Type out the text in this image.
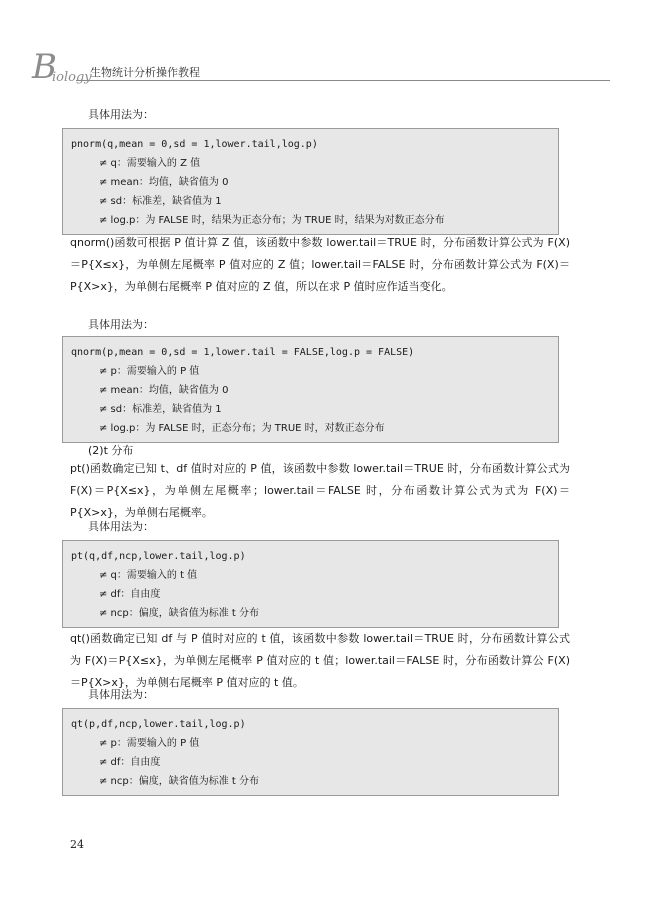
B
iology
生物统计分析操作教程
具体用法为：
pnorm(q,mean = 0,sd = 1,lower.tail,log.p)
≠ q：需要输入的 Z 值
≠ mean：均值，缺省值为 0
≠ sd：标准差，缺省值为 1
≠ log.p：为 FALSE 时，结果为正态分布；为 TRUE 时，结果为对数正态分布
qnorm()函数可根据 P 值计算 Z 值，该函数中参数 lower.tail＝TRUE 时，分布函数计算公式为 F(X)＝P{X≤x}，为单侧左尾概率 P 值对应的 Z 值；lower.tail＝FALSE 时，分布函数计算公式为 F(X)＝P{X>x}，为单侧右尾概率 P 值对应的 Z 值，所以在求 P 值时应作适当变化。
具体用法为：
qnorm(p,mean = 0,sd = 1,lower.tail = FALSE,log.p = FALSE)
≠ p：需要输入的 P 值
≠ mean：均值，缺省值为 0
≠ sd：标准差，缺省值为 1
≠ log.p：为 FALSE 时，正态分布；为 TRUE 时，对数正态分布
(2)t 分布
pt()函数确定已知 t、df 值时对应的 P 值，该函数中参数 lower.tail＝TRUE 时，分布函数计算公式为 F(X)＝P{X≤x}，为单侧左尾概率；lower.tail＝FALSE 时，分布函数计算公式为式为 F(X)＝P{X>x}，为单侧右尾概率。
具体用法为：
pt(q,df,ncp,lower.tail,log.p)
≠ q：需要输入的 t 值
≠ df：自由度
≠ ncp：偏度，缺省值为标准 t 分布
qt()函数确定已知 df 与 P 值时对应的 t 值，该函数中参数 lower.tail＝TRUE 时，分布函数计算公式为 F(X)＝P{X≤x}，为单侧左尾概率 P 值对应的 t 值；lower.tail＝FALSE 时，分布函数计算公 F(X)＝P{X>x}，为单侧右尾概率 P 值对应的 t 值。
具体用法为：
qt(p,df,ncp,lower.tail,log.p)
≠ p：需要输入的 P 值
≠ df：自由度
≠ ncp：偏度，缺省值为标准 t 分布
24
